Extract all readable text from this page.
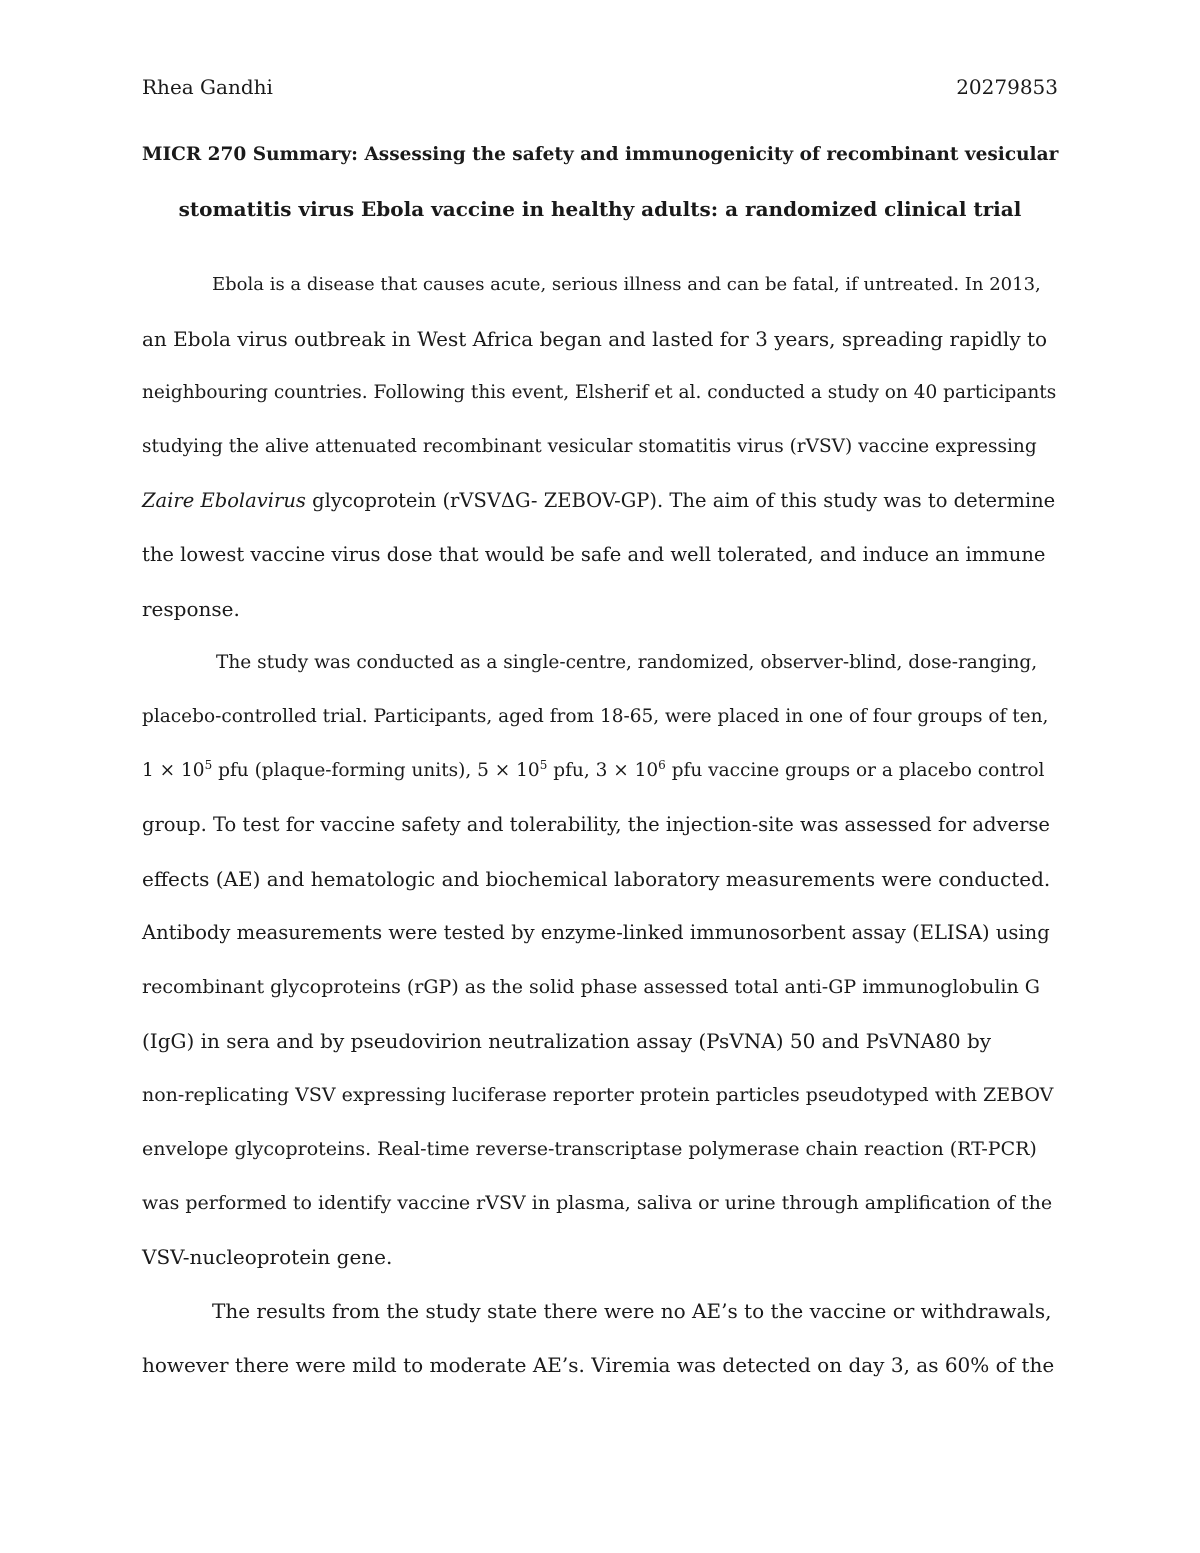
Rhea Gandhi	20279853
MICR 270 Summary: Assessing the safety and immunogenicity of recombinant vesicular
stomatitis virus Ebola vaccine in healthy adults: a randomized clinical trial
Ebola is a disease that causes acute, serious illness and can be fatal, if untreated. In 2013,
an Ebola virus outbreak in West Africa began and lasted for 3 years, spreading rapidly to
neighbouring countries. Following this event, Elsherif et al. conducted a study on 40 participants
studying the alive attenuated recombinant vesicular stomatitis virus (rVSV) vaccine expressing
Zaire Ebolavirus glycoprotein (rVSVΔG- ZEBOV-GP). The aim of this study was to determine
the lowest vaccine virus dose that would be safe and well tolerated, and induce an immune
response.
The study was conducted as a single-centre, randomized, observer-blind, dose-ranging,
placebo-controlled trial. Participants, aged from 18-65, were placed in one of four groups of ten,
$1 \times 10^5$ pfu (plaque-forming units), $5 \times 10^5$ pfu, $3 \times 10^6$ pfu vaccine groups or a placebo control
group. To test for vaccine safety and tolerability, the injection-site was assessed for adverse
effects (AE) and hematologic and biochemical laboratory measurements were conducted.
Antibody measurements were tested by enzyme-linked immunosorbent assay (ELISA) using
recombinant glycoproteins (rGP) as the solid phase assessed total anti-GP immunoglobulin G
(IgG) in sera and by pseudovirion neutralization assay (PsVNA) 50 and PsVNA80 by
non-replicating VSV expressing luciferase reporter protein particles pseudotyped with ZEBOV
envelope glycoproteins. Real-time reverse-transcriptase polymerase chain reaction (RT-PCR)
was performed to identify vaccine rVSV in plasma, saliva or urine through amplification of the
VSV-nucleoprotein gene.
The results from the study state there were no AE’s to the vaccine or withdrawals,
however there were mild to moderate AE’s. Viremia was detected on day 3, as 60% of the
